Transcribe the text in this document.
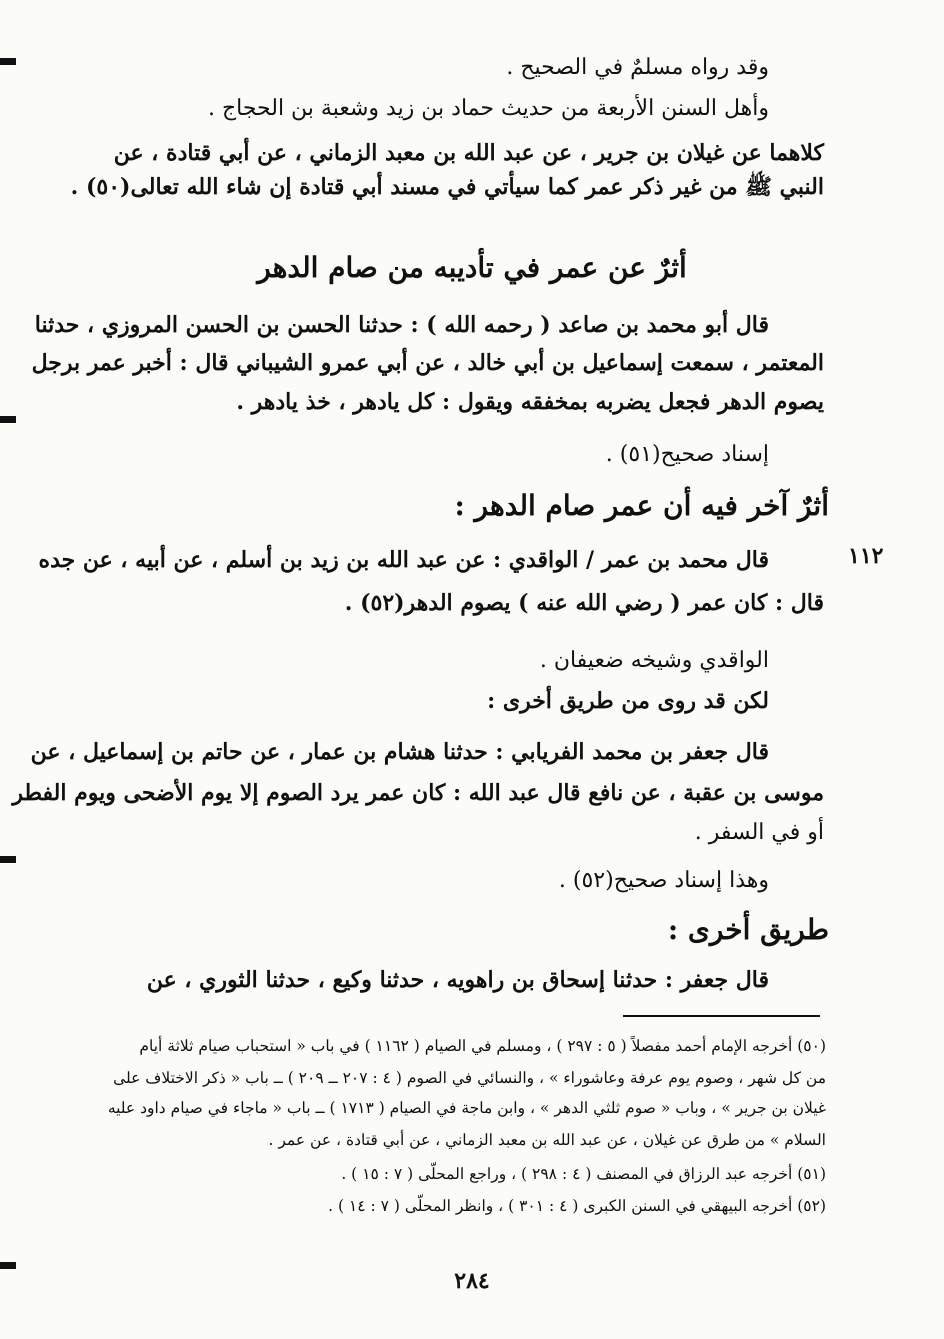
وقد رواه مسلمٌ في الصحيح .
وأهل السنن الأربعة من حديث حماد بن زيد وشعبة بن الحجاج .
كلاهما عن غيلان بن جرير ، عن عبد الله بن معبد الزماني ، عن أبي قتادة ، عن
النبي ﷺ من غير ذكر عمر كما سيأتي في مسند أبي قتادة إن شاء الله تعالى(٥٠) .
أثرٌ عن عمر في تأديبه من صام الدهر
قال أبو محمد بن صاعد ( رحمه الله ) : حدثنا الحسن بن الحسن المروزي ، حدثنا
المعتمر ، سمعت إسماعيل بن أبي خالد ، عن أبي عمرو الشيباني قال : أخبر عمر برجل
يصوم الدهر فجعل يضربه بمخفقه ويقول : كل يادهر ، خذ يادهر .
إسناد صحيح(٥١) .
أثرٌ آخر فيه أن عمر صام الدهر :
١١٢
قال محمد بن عمر / الواقدي : عن عبد الله بن زيد بن أسلم ، عن أبيه ، عن جده
قال : كان عمر ( رضي الله عنه ) يصوم الدهر(٥٢) .
الواقدي وشيخه ضعيفان .
لكن قد روى من طريق أخرى :
قال جعفر بن محمد الفريابي : حدثنا هشام بن عمار ، عن حاتم بن إسماعيل ، عن
موسى بن عقبة ، عن نافع قال عبد الله : كان عمر يرد الصوم إلا يوم الأضحى ويوم الفطر
أو في السفر .
وهذا إسناد صحيح(٥٢) .
طريق أخرى :
قال جعفر : حدثنا إسحاق بن راهويه ، حدثنا وكيع ، حدثنا الثوري ، عن
(٥٠) أخرجه الإمام أحمد مفصلاً ( ٥ : ٢٩٧ ) ، ومسلم في الصيام ( ١١٦٢ ) في باب « استحباب صيام ثلاثة أيام
من كل شهر ، وصوم يوم عرفة وعاشوراء » ، والنسائي في الصوم ( ٤ : ٢٠٧ ــ ٢٠٩ ) ــ باب « ذكر الاختلاف على
غيلان بن جرير » ، وباب « صوم ثلثي الدهر » ، وابن ماجة في الصيام ( ١٧١٣ ) ــ باب « ماجاء في صيام داود عليه
السلام » من طرق عن غيلان ، عن عبد الله بن معبد الزماني ، عن أبي قتادة ، عن عمر .
(٥١) أخرجه عبد الرزاق في المصنف ( ٤ : ٢٩٨ ) ، وراجع المحلّى ( ٧ : ١٥ ) .
(٥٢) أخرجه البيهقي في السنن الكبرى ( ٤ : ٣٠١ ) ، وانظر المحلّى ( ٧ : ١٤ ) .
٢٨٤
